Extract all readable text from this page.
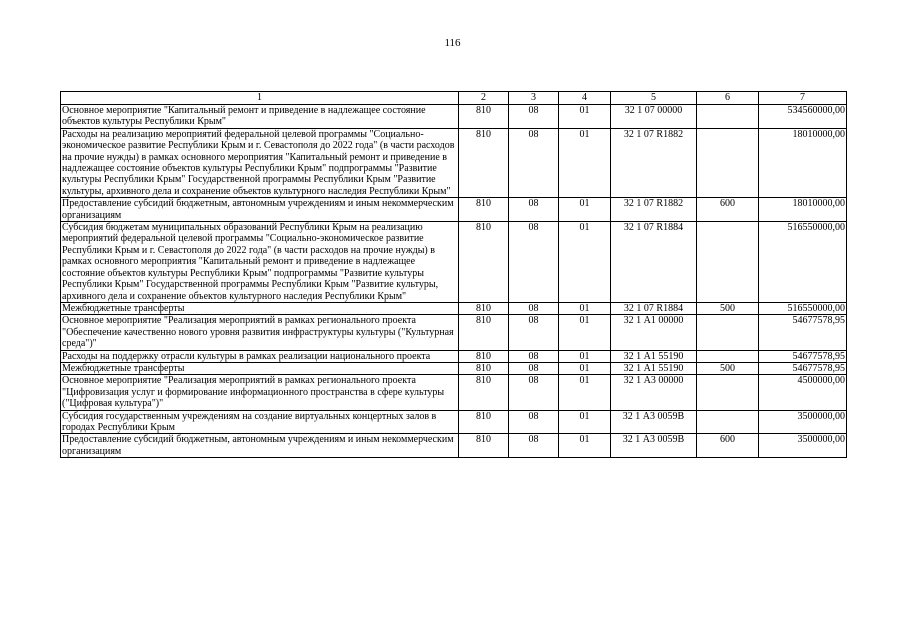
116
1	2	3	4	5	6	7
Основное мероприятие "Капитальный ремонт и приведение в надлежащее состояние объектов культуры Республики Крым"	810	08	01	32 1 07 00000		534560000,00
Расходы на реализацию мероприятий федеральной целевой программы "Социально-экономическое развитие Республики Крым и г. Севастополя до 2022 года" (в части расходов на прочие нужды) в рамках основного мероприятия "Капитальный ремонт и приведение в надлежащее состояние объектов культуры Республики Крым" подпрограммы "Развитие культуры Республики Крым" Государственной программы Республики Крым "Развитие культуры, архивного дела и сохранение объектов культурного наследия Республики Крым"	810	08	01	32 1 07 R1882		18010000,00
Предоставление субсидий бюджетным, автономным учреждениям и иным некоммерческим организациям	810	08	01	32 1 07 R1882	600	18010000,00
Субсидия бюджетам муниципальных образований Республики Крым на реализацию мероприятий федеральной целевой программы "Социально-экономическое развитие Республики Крым и г. Севастополя до 2022 года" (в части расходов на прочие нужды) в рамках основного мероприятия "Капитальный ремонт и приведение в надлежащее состояние объектов культуры Республики Крым" подпрограммы "Развитие культуры Республики Крым" Государственной программы Республики Крым "Развитие культуры, архивного дела и сохранение объектов культурного наследия Республики Крым"	810	08	01	32 1 07 R1884		516550000,00
Межбюджетные трансферты	810	08	01	32 1 07 R1884	500	516550000,00
Основное мероприятие "Реализация мероприятий в рамках регионального проекта "Обеспечение качественно нового уровня развития инфраструктуры культуры ("Культурная среда")"	810	08	01	32 1 А1 00000		54677578,95
Расходы на поддержку отрасли культуры в рамках реализации национального проекта	810	08	01	32 1 А1 55190		54677578,95
Межбюджетные трансферты	810	08	01	32 1 А1 55190	500	54677578,95
Основное мероприятие "Реализация мероприятий в рамках регионального проекта "Цифровизация услуг и формирование информационного пространства в сфере культуры ("Цифровая культура")"	810	08	01	32 1 А3 00000		4500000,00
Субсидия государственным учреждениям на создание виртуальных концертных залов в городах Республики Крым	810	08	01	32 1 А3 0059В		3500000,00
Предоставление субсидий бюджетным, автономным учреждениям и иным некоммерческим организациям	810	08	01	32 1 А3 0059В	600	3500000,00
